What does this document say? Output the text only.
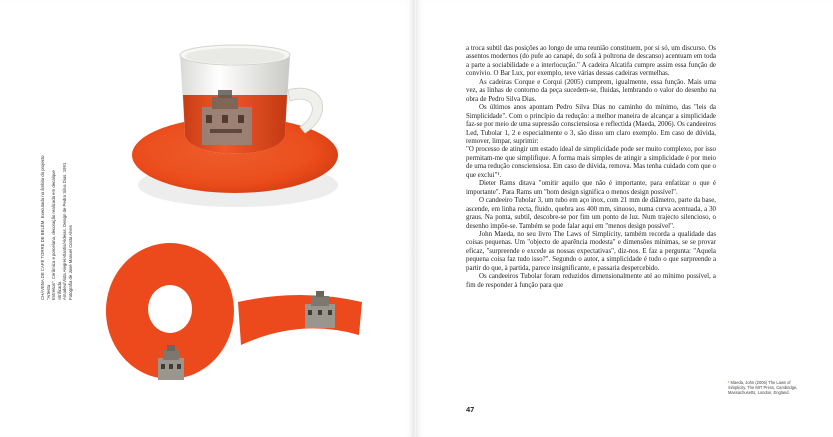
CHÁVENA DE CAFÉ TORRE DE BELÉM. Executada no âmbito do projecto "Artesta Entreitos". Cerâmica e porcelana, decoração realizada em decalque vitrificado. Amadeu/Vista Alegre/Atlantis/Aldeias. Design de Pedro Silva Dias. 1991 Fotografia de José Manuel Costa Alves

a troca subtil das posições ao longo de uma reunião constituem, por si só, um discurso. Os assentos modernos (do pufe ao canapé, do sofá à poltrona de descanso) acentuam em toda a parte a sociabilidade e a interlocução." A cadeira Alcatifa cumpre assim essa função de convívio. O Bar Lux, por exemplo, teve várias dessas cadeiras vermelhas.

As cadeiras Corque e Corqui (2005) cumprem, igualmente, essa função. Mais uma vez, as linhas de contorno da peça sucedem-se, fluidas, lembrando o valor do desenho na obra de Pedro Silva Dias.

Os últimos anos apontam Pedro Silva Dias no caminho do mínimo, das "leis da Simplicidade". Com o princípio da redução: a melhor maneira de alcançar a simplicidade faz-se por meio de uma supressão consciensiosa e reflectida (Maeda, 2006). Os candeeiros Led, Tubolar 1, 2 e especialmente o 3, são disso um claro exemplo. Em caso de dúvida, remover, limpar, suprimir:

"O processo de atingir um estado ideal de simplicidade pode ser muito complexo, por isso permitam-me que simplifique. A forma mais simples de atingir a simplicidade é por meio de uma redução consciensiosa. Em caso de dúvida, remova. Mas tenha cuidado com que o que exclui"¹.

Dieter Rams ditava "omitir aquilo que não é importante, para enfatizar o que é importante". Para Rams um "bom design significa o menos design possível".

O candeeiro Tubolar 3, um tubo em aço inox, com 21 mm de diâmetro, parte da base, ascende, em linha recta, fluido, quebra aos 400 mm, sinuoso, numa curva acentuada, a 30 graus. Na ponta, subtil, descobre-se por fim um ponto de luz. Num trajecto silencioso, o desenho impõe-se. Também se pode falar aqui em "menos design possível".

John Maeda, no seu livro The Laws of Simplicity, também recorda a qualidade das coisas pequenas. Um "objecto de aparência modesta" e dimensões mínimas, se se provar eficaz, "surpreende e excede as nossas expectativas", diz-nos. E faz a pergunta: "Aquela pequena coisa faz tudo isso?". Segundo o autor, a simplicidade é tudo o que surpreende a partir do que, à partida, parece insignificante, e passaria despercebido.

Os candeeiros Tubolar foram reduzidos dimensionalmente até ao mínimo possível, a fim de responder à função para que

¹ Maeda, John (2006) The Laws of Simplicity. The MIT Press, Cambridge, Massachusetts, London, England.
47
